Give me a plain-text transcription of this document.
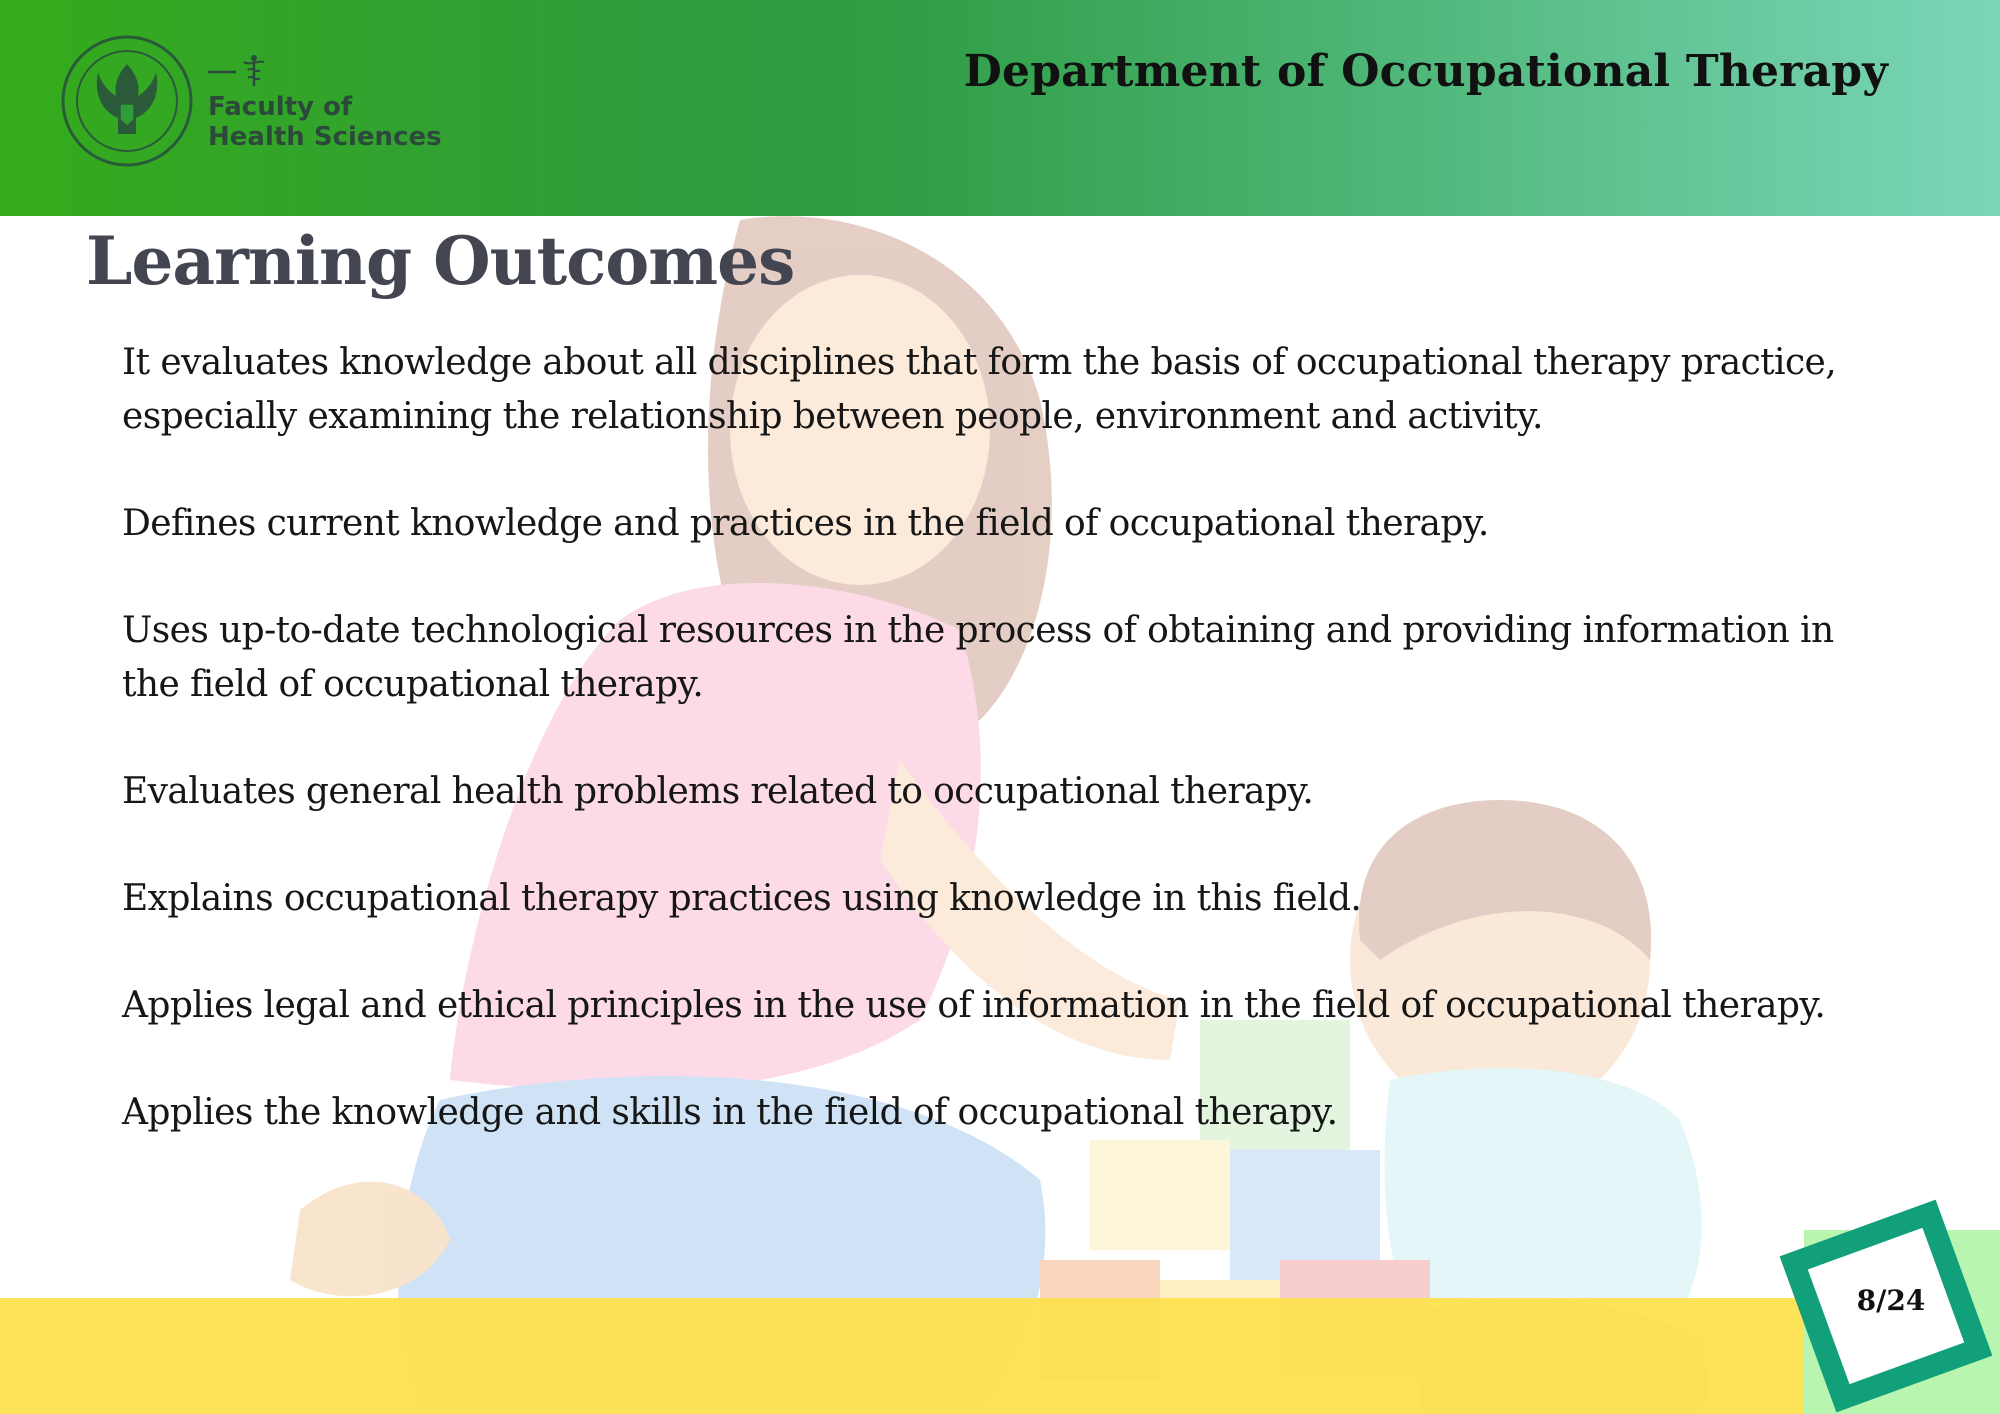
Faculty of
Health Sciences
Department of Occupational Therapy
Learning Outcomes
It evaluates knowledge about all disciplines that form the basis of occupational therapy practice, especially examining the relationship between people, environment and activity.
Defines current knowledge and practices in the field of occupational therapy.
Uses up-to-date technological resources in the process of obtaining and providing information in the field of occupational therapy.
Evaluates general health problems related to occupational therapy.
Explains occupational therapy practices using knowledge in this field.
Applies legal and ethical principles in the use of information in the field of occupational therapy.
Applies the knowledge and skills in the field of occupational therapy.
8/24
